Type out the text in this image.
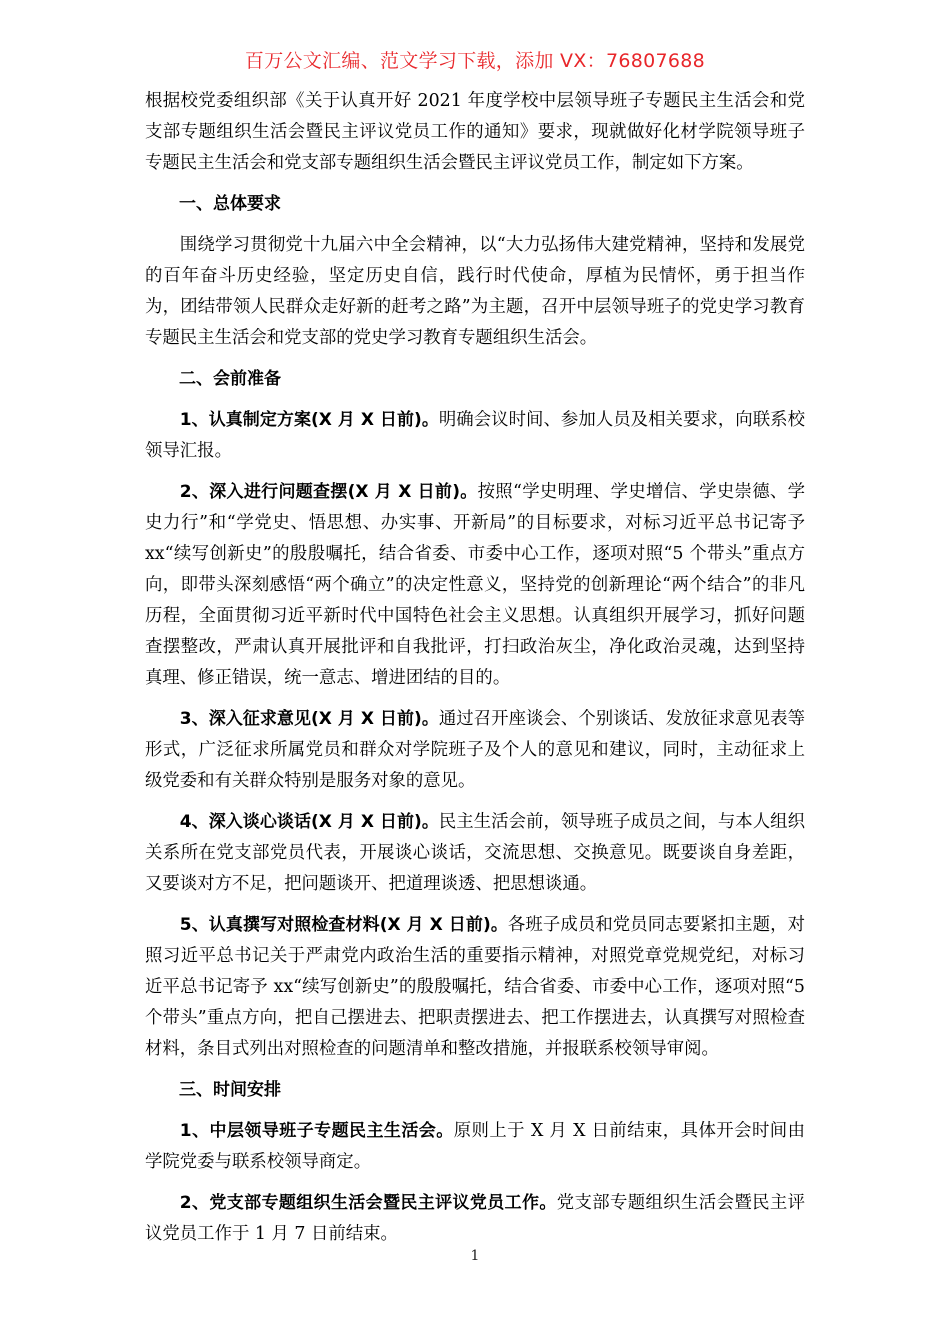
百万公文汇编、范文学习下载，添加 VX：76807688

根据校党委组织部《关于认真开好 2021 年度学校中层领导班子专题民主生活会和党支部专题组织生活会暨民主评议党员工作的通知》要求，现就做好化材学院领导班子专题民主生活会和党支部专题组织生活会暨民主评议党员工作，制定如下方案。

一、总体要求

围绕学习贯彻党十九届六中全会精神，以“大力弘扬伟大建党精神，坚持和发展党的百年奋斗历史经验，坚定历史自信，践行时代使命，厚植为民情怀，勇于担当作为，团结带领人民群众走好新的赶考之路”为主题，召开中层领导班子的党史学习教育专题民主生活会和党支部的党史学习教育专题组织生活会。

二、会前准备

1、认真制定方案(X 月 X 日前)。明确会议时间、参加人员及相关要求，向联系校领导汇报。

2、深入进行问题查摆(X 月 X 日前)。按照“学史明理、学史增信、学史崇德、学史力行”和“学党史、悟思想、办实事、开新局”的目标要求，对标习近平总书记寄予 xx“续写创新史”的殷殷嘱托，结合省委、市委中心工作，逐项对照“5 个带头”重点方向，即带头深刻感悟“两个确立”的决定性意义，坚持党的创新理论“两个结合”的非凡历程，全面贯彻习近平新时代中国特色社会主义思想。认真组织开展学习，抓好问题查摆整改，严肃认真开展批评和自我批评，打扫政治灰尘，净化政治灵魂，达到坚持真理、修正错误，统一意志、增进团结的目的。

3、深入征求意见(X 月 X 日前)。通过召开座谈会、个别谈话、发放征求意见表等形式，广泛征求所属党员和群众对学院班子及个人的意见和建议，同时，主动征求上级党委和有关群众特别是服务对象的意见。

4、深入谈心谈话(X 月 X 日前)。民主生活会前，领导班子成员之间，与本人组织关系所在党支部党员代表，开展谈心谈话，交流思想、交换意见。既要谈自身差距，又要谈对方不足，把问题谈开、把道理谈透、把思想谈通。

5、认真撰写对照检查材料(X 月 X 日前)。各班子成员和党员同志要紧扣主题，对照习近平总书记关于严肃党内政治生活的重要指示精神，对照党章党规党纪，对标习近平总书记寄予 xx“续写创新史”的殷殷嘱托，结合省委、市委中心工作，逐项对照“5 个带头”重点方向，把自己摆进去、把职责摆进去、把工作摆进去，认真撰写对照检查材料，条目式列出对照检查的问题清单和整改措施，并报联系校领导审阅。

三、时间安排

1、中层领导班子专题民主生活会。原则上于 X 月 X 日前结束，具体开会时间由学院党委与联系校领导商定。

2、党支部专题组织生活会暨民主评议党员工作。党支部专题组织生活会暨民主评议党员工作于 1 月 7 日前结束。

1
